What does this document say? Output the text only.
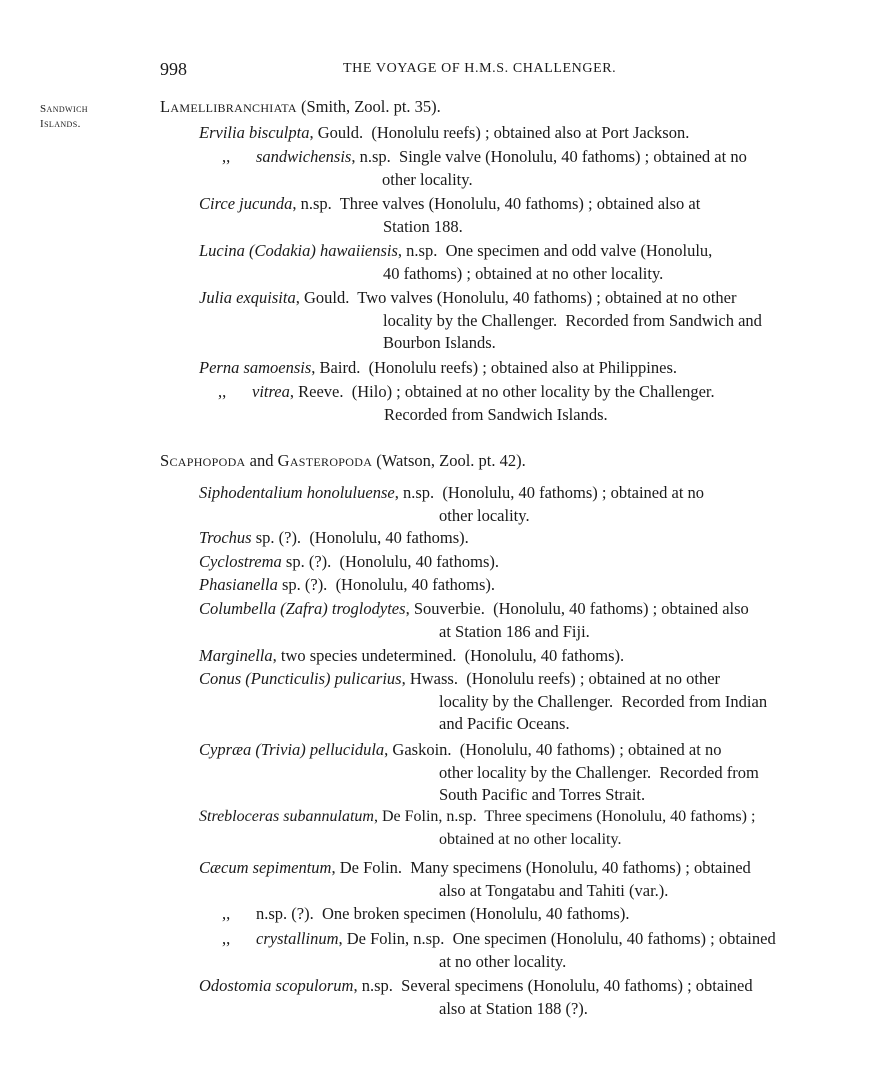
998	THE VOYAGE OF H.M.S. CHALLENGER.
Sandwich
Islands.
Lamellibranchiata (Smith, Zool. pt. 35).
Ervilia bisculpta, Gould.  (Honolulu reefs) ; obtained also at Port Jackson.
,, sandwichensis, n.sp.  Single valve (Honolulu, 40 fathoms) ; obtained at no
other locality.
Circe jucunda, n.sp.  Three valves (Honolulu, 40 fathoms) ; obtained also at
Station 188.
Lucina (Codakia) hawaiiensis, n.sp.  One specimen and odd valve (Honolulu,
40 fathoms) ; obtained at no other locality.
Julia exquisita, Gould.  Two valves (Honolulu, 40 fathoms) ; obtained at no other
locality by the Challenger.  Recorded from Sandwich and
Bourbon Islands.
Perna samoensis, Baird.  (Honolulu reefs) ; obtained also at Philippines.
,, vitrea, Reeve.  (Hilo) ; obtained at no other locality by the Challenger.
Recorded from Sandwich Islands.
Scaphopoda and Gasteropoda (Watson, Zool. pt. 42).
Siphodentalium honoluluense, n.sp.  (Honolulu, 40 fathoms) ; obtained at no
other locality.
Trochus sp. (?).  (Honolulu, 40 fathoms).
Cyclostrema sp. (?).  (Honolulu, 40 fathoms).
Phasianella sp. (?).  (Honolulu, 40 fathoms).
Columbella (Zafra) troglodytes, Souverbie.  (Honolulu, 40 fathoms) ; obtained also
at Station 186 and Fiji.
Marginella, two species undetermined.  (Honolulu, 40 fathoms).
Conus (Puncticulis) pulicarius, Hwass.  (Honolulu reefs) ; obtained at no other
locality by the Challenger.  Recorded from Indian
and Pacific Oceans.
Cypræa (Trivia) pellucidula, Gaskoin.  (Honolulu, 40 fathoms) ; obtained at no
other locality by the Challenger.  Recorded from
South Pacific and Torres Strait.
Strebloceras subannulatum, De Folin, n.sp.  Three specimens (Honolulu, 40 fathoms) ;
obtained at no other locality.
Cæcum sepimentum, De Folin.  Many specimens (Honolulu, 40 fathoms) ; obtained
also at Tongatabu and Tahiti (var.).
,, n.sp. (?).  One broken specimen (Honolulu, 40 fathoms).
,, crystallinum, De Folin, n.sp.  One specimen (Honolulu, 40 fathoms) ; obtained
at no other locality.
Odostomia scopulorum, n.sp.  Several specimens (Honolulu, 40 fathoms) ; obtained
also at Station 188 (?).
